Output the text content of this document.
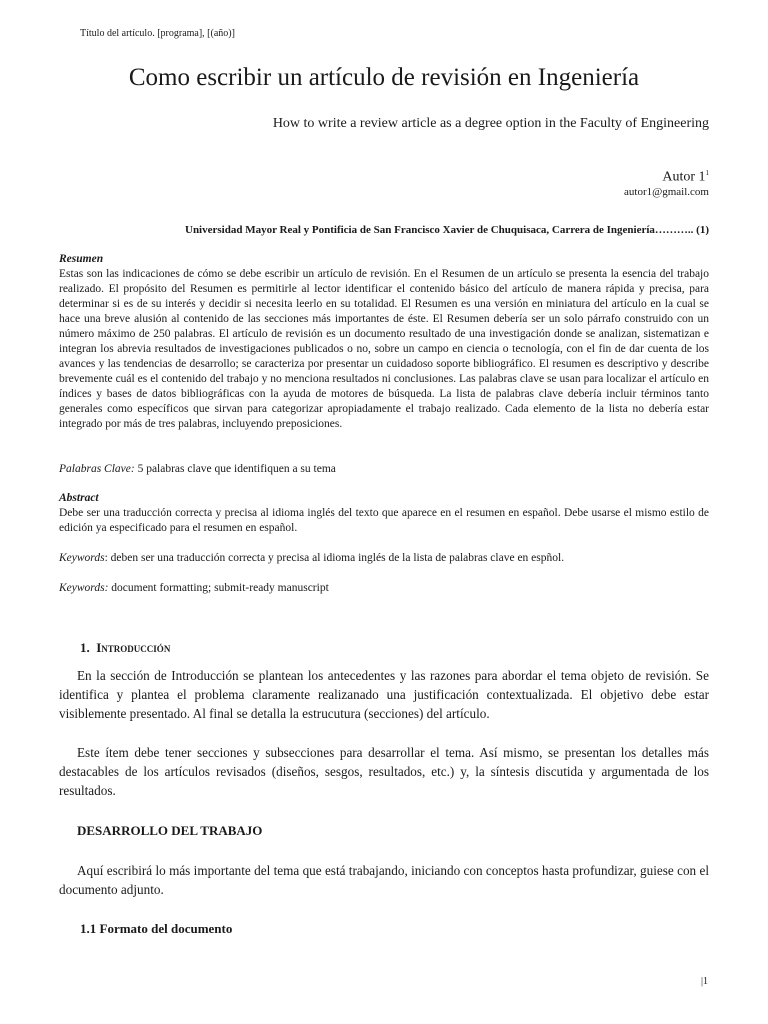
Título del artículo. [programa], [(año)]
Como escribir un artículo de revisión en Ingeniería
How to write a review article as a degree option in the Faculty of Engineering
Autor $1^1$
autor1@gmail.com
Universidad Mayor Real y Pontificia de San Francisco Xavier de Chuquisaca, Carrera de Ingeniería……….. (1)
Resumen
Estas son las indicaciones de cómo se debe escribir un artículo de revisión. En el Resumen de un artículo se presenta la esencia del trabajo realizado. El propósito del Resumen es permitirle al lector identificar el contenido básico del artículo de manera rápida y precisa, para determinar si es de su interés y decidir si necesita leerlo en su totalidad. El Resumen es una versión en miniatura del artículo en la cual se hace una breve alusión al contenido de las secciones más importantes de éste. El Resumen debería ser un solo párrafo construido con un número máximo de 250 palabras. El artículo de revisión es un documento resultado de una investigación donde se analizan, sistematizan e integran los abrevia resultados de investigaciones publicados o no, sobre un campo en ciencia o tecnología, con el fin de dar cuenta de los avances y las tendencias de desarrollo; se caracteriza por presentar un cuidadoso soporte bibliográfico. El resumen es descriptivo y describe brevemente cuál es el contenido del trabajo y no menciona resultados ni conclusiones. Las palabras clave se usan para localizar el artículo en índices y bases de datos bibliográficas con la ayuda de motores de búsqueda. La lista de palabras clave debería incluir términos tanto generales como específicos que sirvan para categorizar apropiadamente el trabajo realizado. Cada elemento de la lista no debería estar integrado por más de tres palabras, incluyendo preposiciones.
Palabras Clave: 5 palabras clave que identifiquen a su tema
Abstract
Debe ser una traducción correcta y precisa al idioma inglés del texto que aparece en el resumen en español. Debe usarse el mismo estilo de edición ya especificado para el resumen en español.
Keywords: deben ser una traducción correcta y precisa al idioma inglés de la lista de palabras clave en espñol.
Keywords: document formatting; submit-ready manuscript
1. Introducción

En la sección de Introducción se plantean los antecedentes y las razones para abordar el tema objeto de revisión. Se identifica y plantea el problema claramente realizanado una justificación contextualizada. El objetivo debe estar visiblemente presentado. Al final se detalla la estrucutura (secciones) del artículo.

Este ítem debe tener secciones y subsecciones para desarrollar el tema. Así mismo, se presentan los detalles más destacables de los artículos revisados (diseños, sesgos, resultados, etc.) y, la síntesis discutida y argumentada de los resultados.

DESARROLLO DEL TRABAJO

Aquí escribirá lo más importante del tema que está trabajando, iniciando con conceptos hasta profundizar, guiese con el documento adjunto.

1.1 Formato del documento
|1
